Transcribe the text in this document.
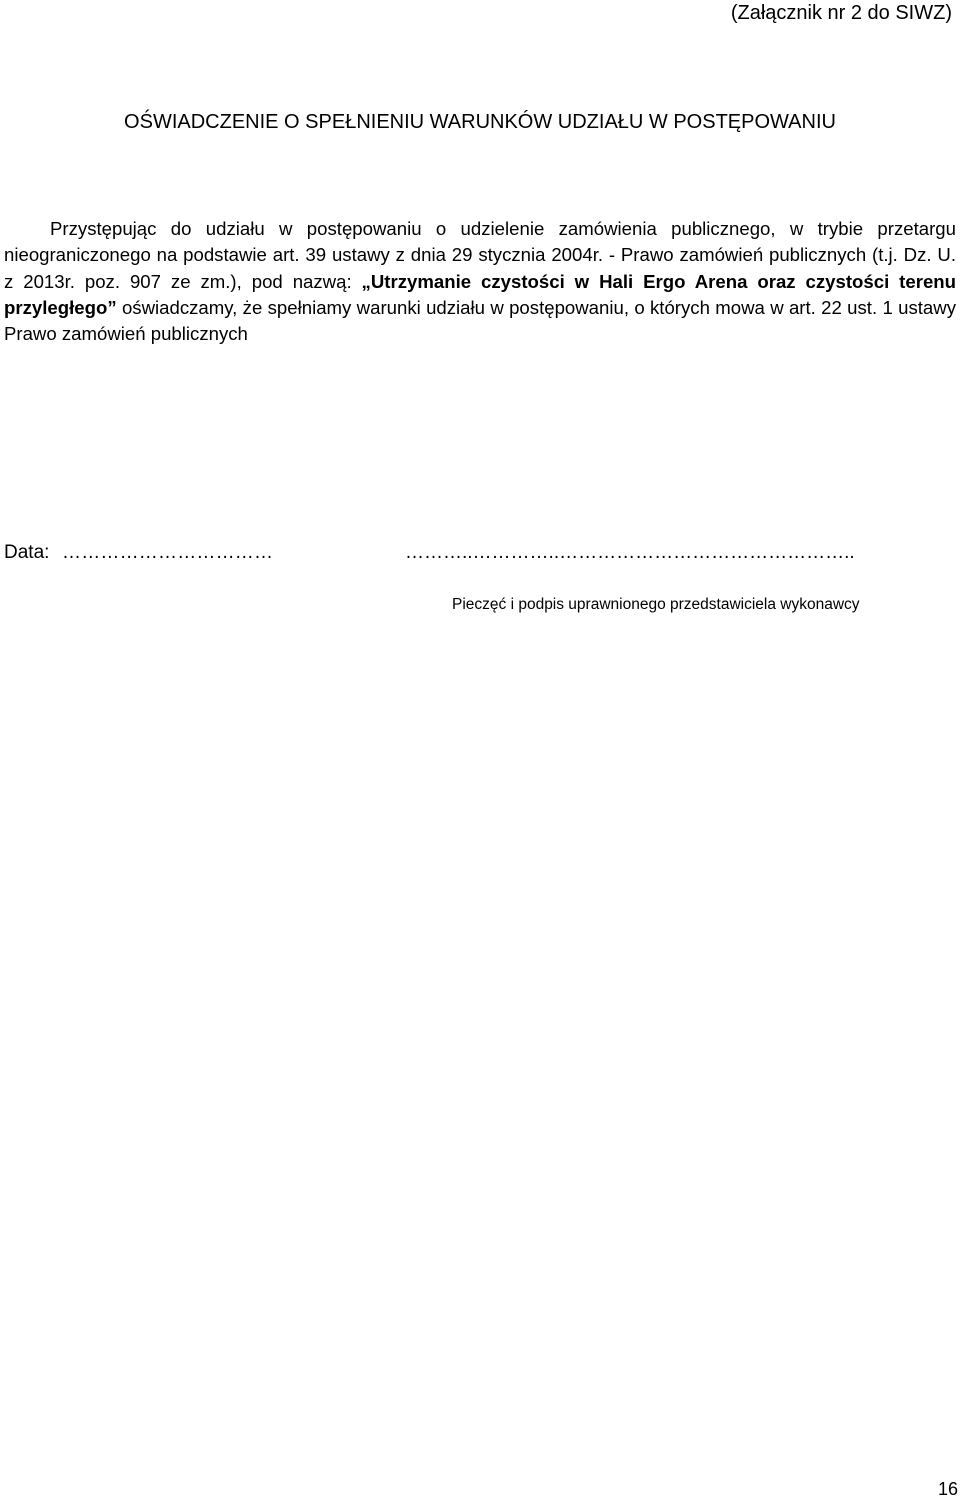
(Załącznik nr 2 do SIWZ)
OŚWIADCZENIE O SPEŁNIENIU WARUNKÓW UDZIAŁU W POSTĘPOWANIU
Przystępując do udziału w postępowaniu o udzielenie zamówienia publicznego, w trybie przetargu nieograniczonego na podstawie art. 39 ustawy z dnia 29 stycznia 2004r. - Prawo zamówień publicznych (t.j. Dz. U. z 2013r. poz. 907 ze zm.), pod nazwą: „Utrzymanie czystości w Hali Ergo Arena oraz czystości terenu przyległego” oświadczamy, że spełniamy warunki udziału w postępowaniu, o których mowa w art. 22 ust. 1 ustawy Prawo zamówień publicznych
Data: ……………………………	………..…………..………………………………………..
Pieczęć i podpis uprawnionego przedstawiciela wykonawcy
16
